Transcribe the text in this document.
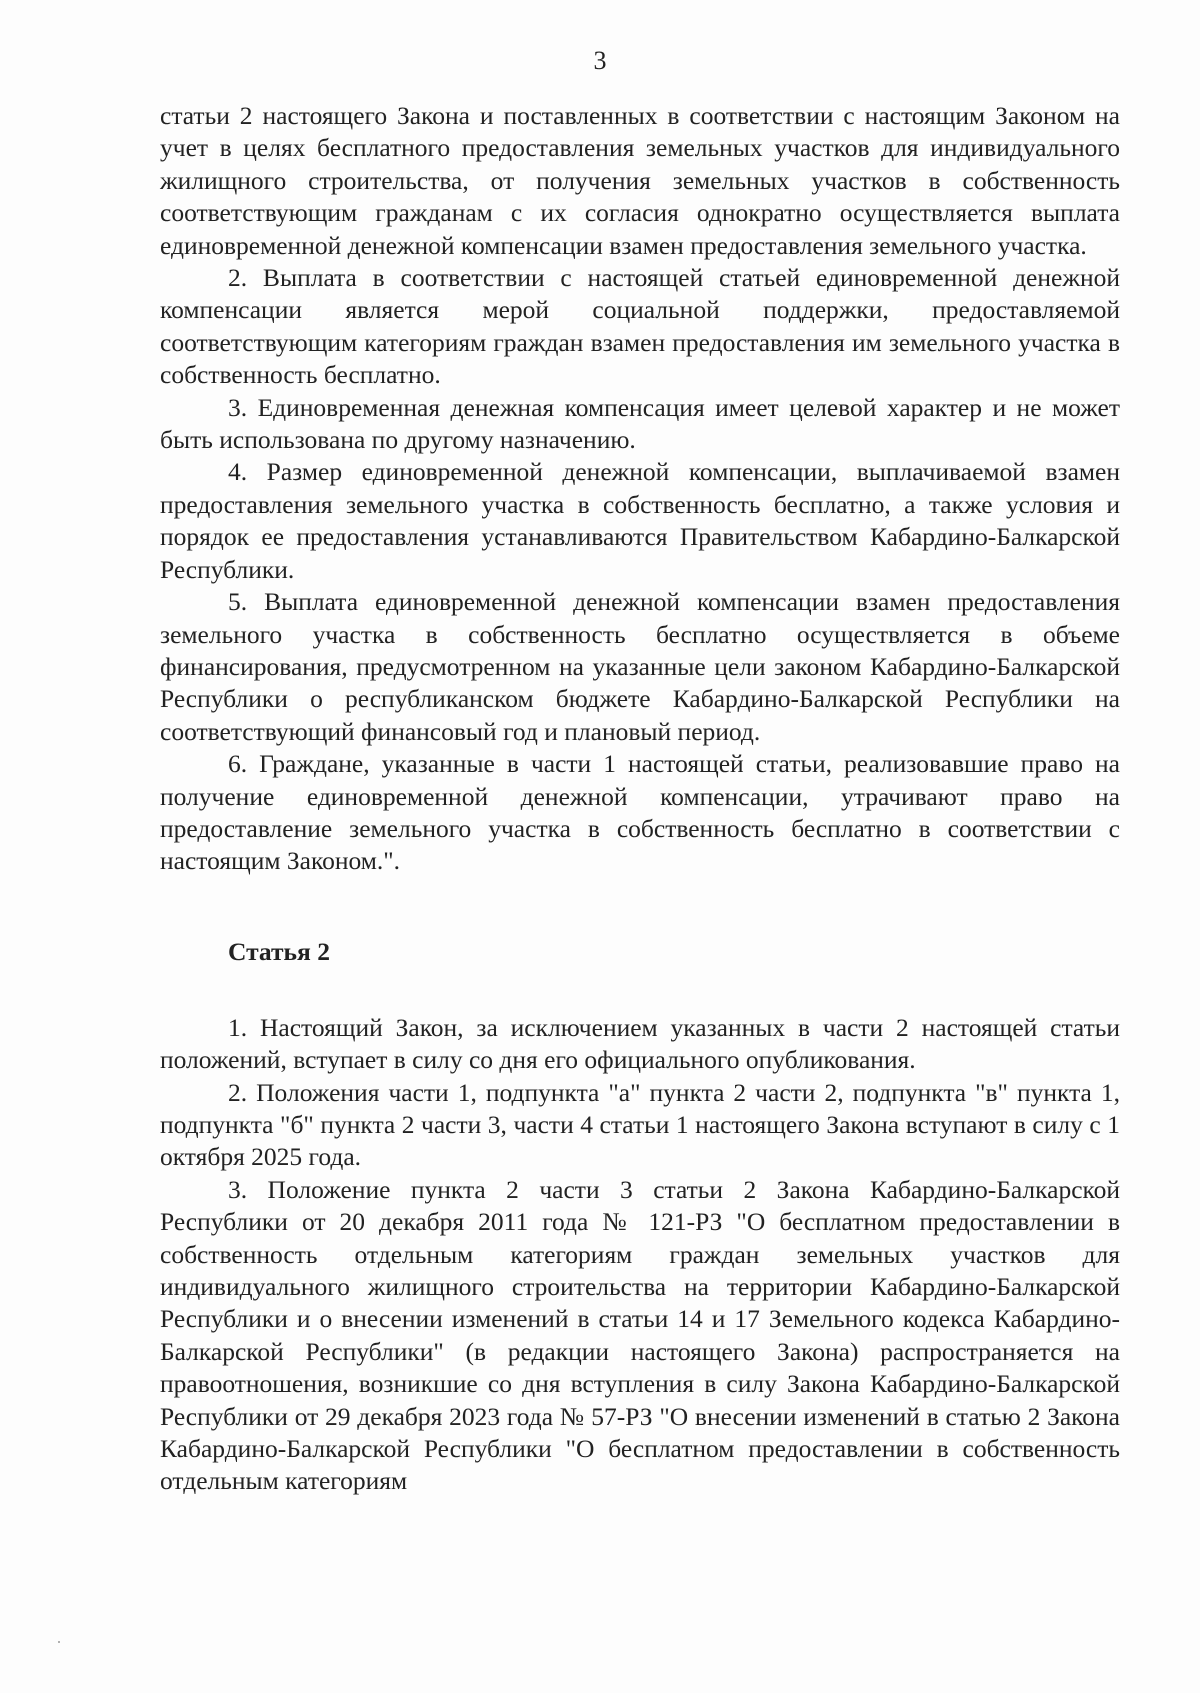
3

статьи 2 настоящего Закона и поставленных в соответствии с настоящим Законом на учет в целях бесплатного предоставления земельных участков для индивидуального жилищного строительства, от получения земельных участков в собственность соответствующим гражданам с их согласия однократно осуществляется выплата единовременной денежной компенсации взамен предоставления земельного участка.

2. Выплата в соответствии с настоящей статьей единовременной денежной компенсации является мерой социальной поддержки, предоставляемой соответствующим категориям граждан взамен предоставления им земельного участка в собственность бесплатно.

3. Единовременная денежная компенсация имеет целевой характер и не может быть использована по другому назначению.

4. Размер единовременной денежной компенсации, выплачиваемой взамен предоставления земельного участка в собственность бесплатно, а также условия и порядок ее предоставления устанавливаются Правительством Кабардино-Балкарской Республики.

5. Выплата единовременной денежной компенсации взамен предоставления земельного участка в собственность бесплатно осуществляется в объеме финансирования, предусмотренном на указанные цели законом Кабардино-Балкарской Республики о республиканском бюджете Кабардино-Балкарской Республики на соответствующий финансовый год и плановый период.

6. Граждане, указанные в части 1 настоящей статьи, реализовавшие право на получение единовременной денежной компенсации, утрачивают право на предоставление земельного участка в собственность бесплатно в соответствии с настоящим Законом.".

Статья 2

1. Настоящий Закон, за исключением указанных в части 2 настоящей статьи положений, вступает в силу со дня его официального опубликования.

2. Положения части 1, подпункта "а" пункта 2 части 2, подпункта "в" пункта 1, подпункта "б" пункта 2 части 3, части 4 статьи 1 настоящего Закона вступают в силу с 1 октября 2025 года.

3. Положение пункта 2 части 3 статьи 2 Закона Кабардино-Балкарской Республики от 20 декабря 2011 года № 121-РЗ "О бесплатном предоставлении в собственность отдельным категориям граждан земельных участков для индивидуального жилищного строительства на территории Кабардино-Балкарской Республики и о внесении изменений в статьи 14 и 17 Земельного кодекса Кабардино-Балкарской Республики" (в редакции настоящего Закона) распространяется на правоотношения, возникшие со дня вступления в силу Закона Кабардино-Балкарской Республики от 29 декабря 2023 года № 57-РЗ "О внесении изменений в статью 2 Закона Кабардино-Балкарской Республики "О бесплатном предоставлении в собственность отдельным категориям
